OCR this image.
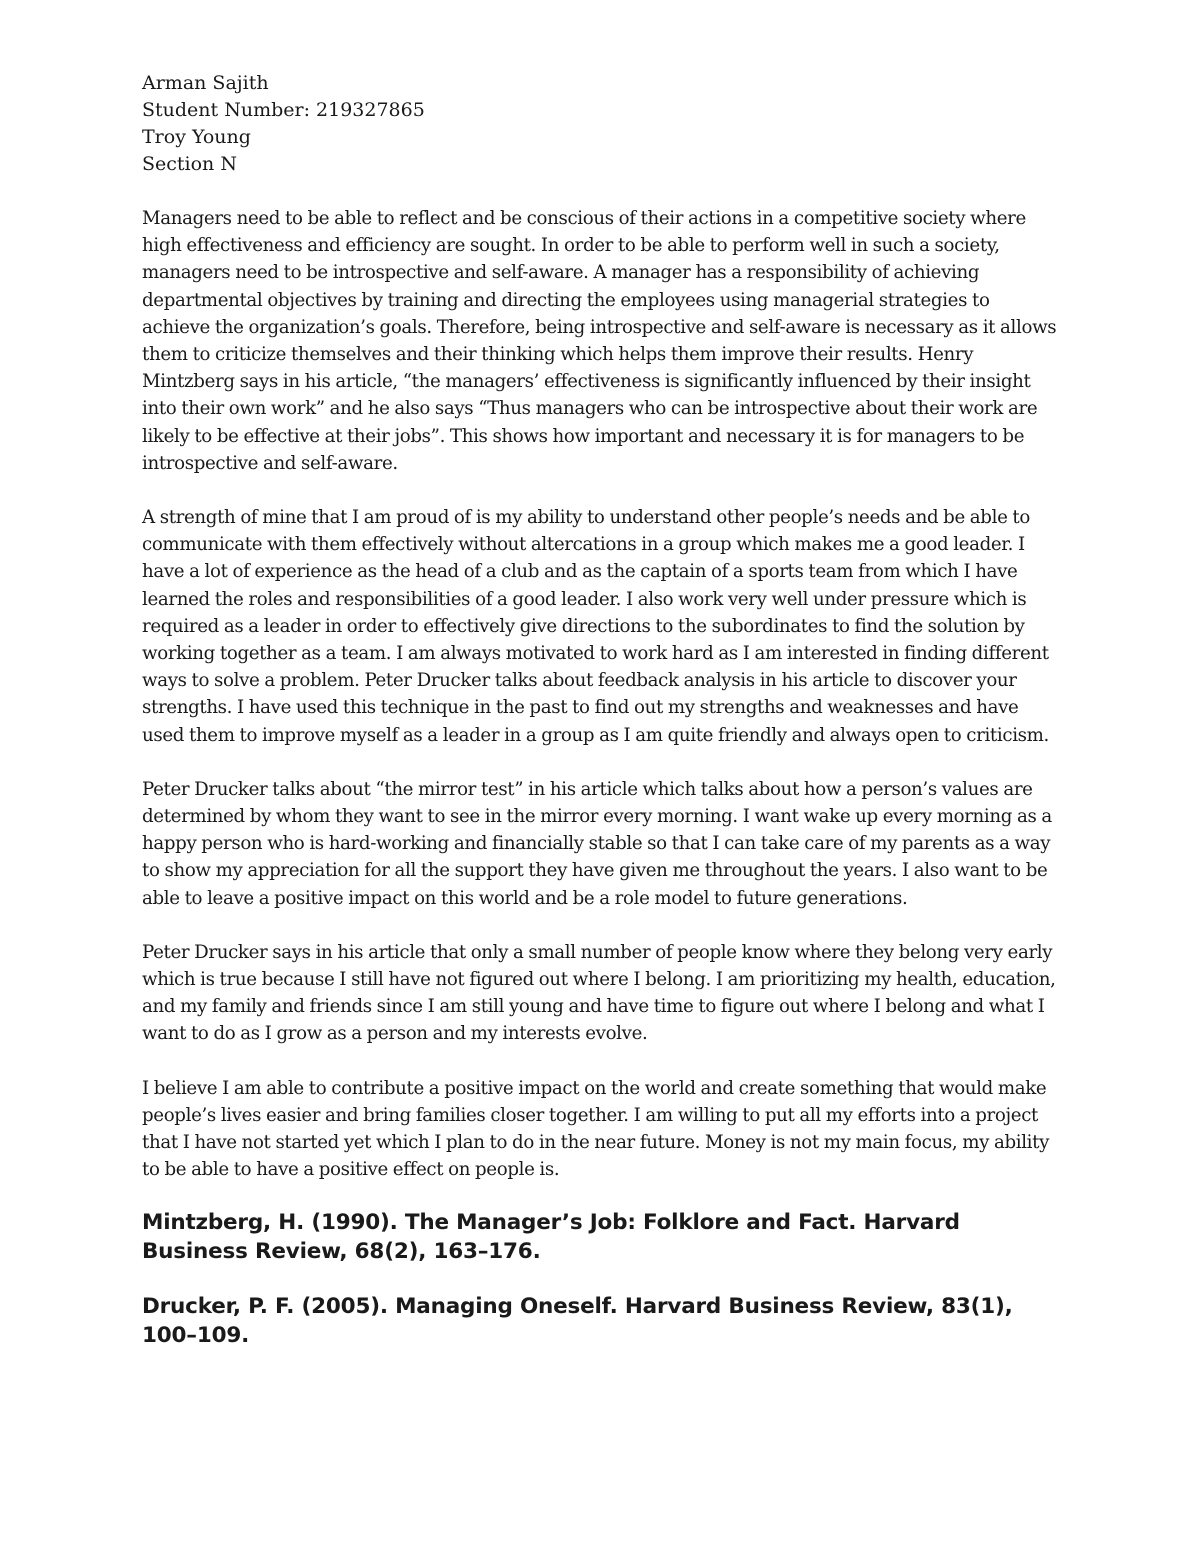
Arman Sajith
Student Number: 219327865
Troy Young
Section N

Managers need to be able to reflect and be conscious of their actions in a competitive society where high effectiveness and efficiency are sought. In order to be able to perform well in such a society, managers need to be introspective and self-aware. A manager has a responsibility of achieving departmental objectives by training and directing the employees using managerial strategies to achieve the organization’s goals. Therefore, being introspective and self-aware is necessary as it allows them to criticize themselves and their thinking which helps them improve their results. Henry Mintzberg says in his article, “the managers’ effectiveness is significantly influenced by their insight into their own work” and he also says “Thus managers who can be introspective about their work are likely to be effective at their jobs”. This shows how important and necessary it is for managers to be introspective and self-aware.

A strength of mine that I am proud of is my ability to understand other people’s needs and be able to communicate with them effectively without altercations in a group which makes me a good leader. I have a lot of experience as the head of a club and as the captain of a sports team from which I have learned the roles and responsibilities of a good leader. I also work very well under pressure which is required as a leader in order to effectively give directions to the subordinates to find the solution by working together as a team. I am always motivated to work hard as I am interested in finding different ways to solve a problem. Peter Drucker talks about feedback analysis in his article to discover your strengths. I have used this technique in the past to find out my strengths and weaknesses and have used them to improve myself as a leader in a group as I am quite friendly and always open to criticism.

Peter Drucker talks about “the mirror test” in his article which talks about how a person’s values are determined by whom they want to see in the mirror every morning. I want wake up every morning as a happy person who is hard-working and financially stable so that I can take care of my parents as a way to show my appreciation for all the support they have given me throughout the years. I also want to be able to leave a positive impact on this world and be a role model to future generations.

Peter Drucker says in his article that only a small number of people know where they belong very early which is true because I still have not figured out where I belong. I am prioritizing my health, education, and my family and friends since I am still young and have time to figure out where I belong and what I want to do as I grow as a person and my interests evolve.

I believe I am able to contribute a positive impact on the world and create something that would make people’s lives easier and bring families closer together. I am willing to put all my efforts into a project that I have not started yet which I plan to do in the near future. Money is not my main focus, my ability to be able to have a positive effect on people is.

Mintzberg, H. (1990). The Manager’s Job: Folklore and Fact. Harvard Business Review, 68(2), 163–176.

Drucker, P. F. (2005). Managing Oneself. Harvard Business Review, 83(1), 100–109.
